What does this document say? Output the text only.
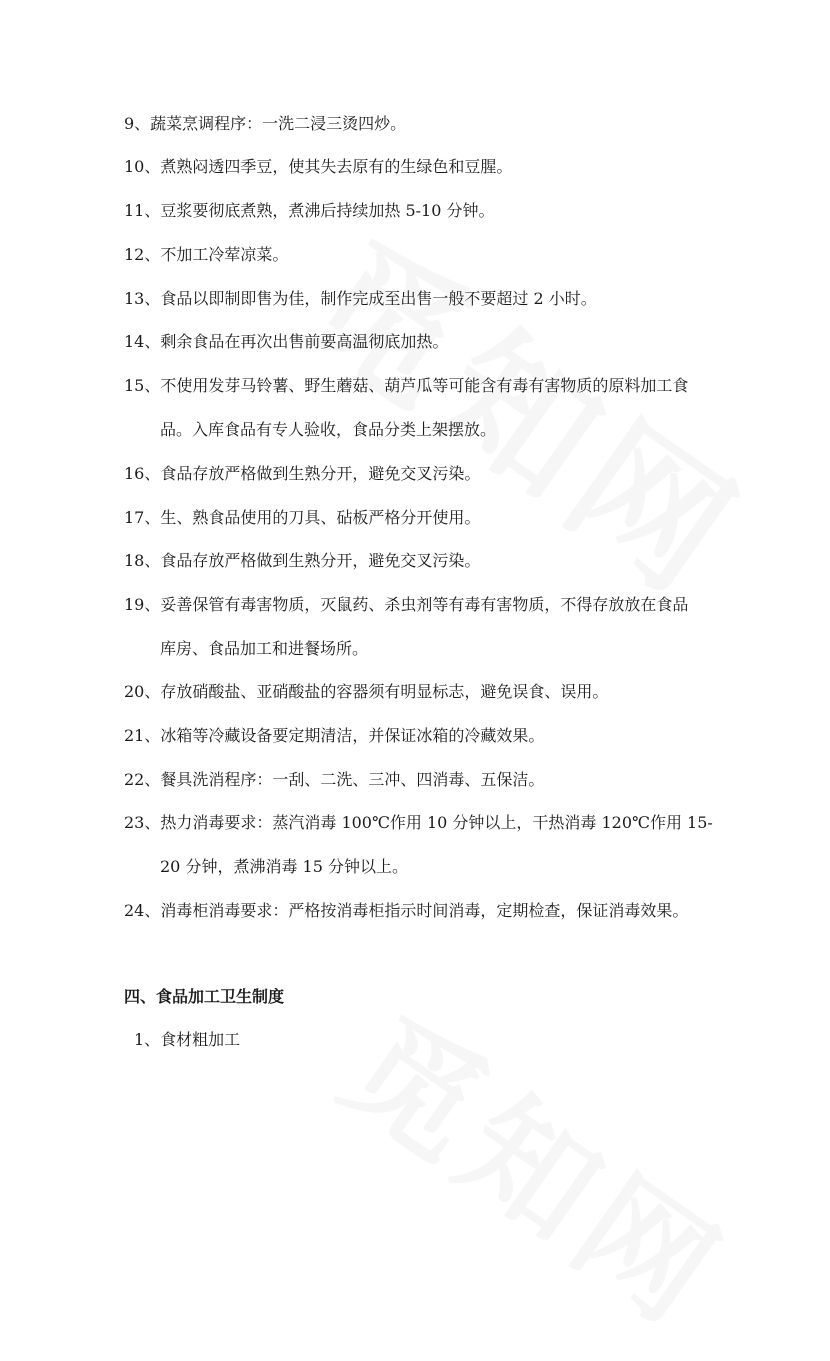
9、蔬菜烹调程序：一洗二浸三烫四炒。
10、煮熟闷透四季豆，使其失去原有的生绿色和豆腥。
11、豆浆要彻底煮熟，煮沸后持续加热 5-10 分钟。
12、不加工冷荤凉菜。
13、食品以即制即售为佳，制作完成至出售一般不要超过 2 小时。
14、剩余食品在再次出售前要高温彻底加热。
15、不使用发芽马铃薯、野生蘑菇、葫芦瓜等可能含有毒有害物质的原料加工食
品。入库食品有专人验收，食品分类上架摆放。
16、食品存放严格做到生熟分开，避免交叉污染。
17、生、熟食品使用的刀具、砧板严格分开使用。
18、食品存放严格做到生熟分开，避免交叉污染。
19、妥善保管有毒害物质，灭鼠药、杀虫剂等有毒有害物质，不得存放放在食品
库房、食品加工和进餐场所。
20、存放硝酸盐、亚硝酸盐的容器须有明显标志，避免误食、误用。
21、冰箱等冷藏设备要定期清洁，并保证冰箱的冷藏效果。
22、餐具洗消程序：一刮、二洗、三冲、四消毒、五保洁。
23、热力消毒要求：蒸汽消毒 100℃作用 10 分钟以上，干热消毒 120℃作用 15-
20 分钟，煮沸消毒 15 分钟以上。
24、消毒柜消毒要求：严格按消毒柜指示时间消毒，定期检查，保证消毒效果。
四、食品加工卫生制度
1、食材粗加工
